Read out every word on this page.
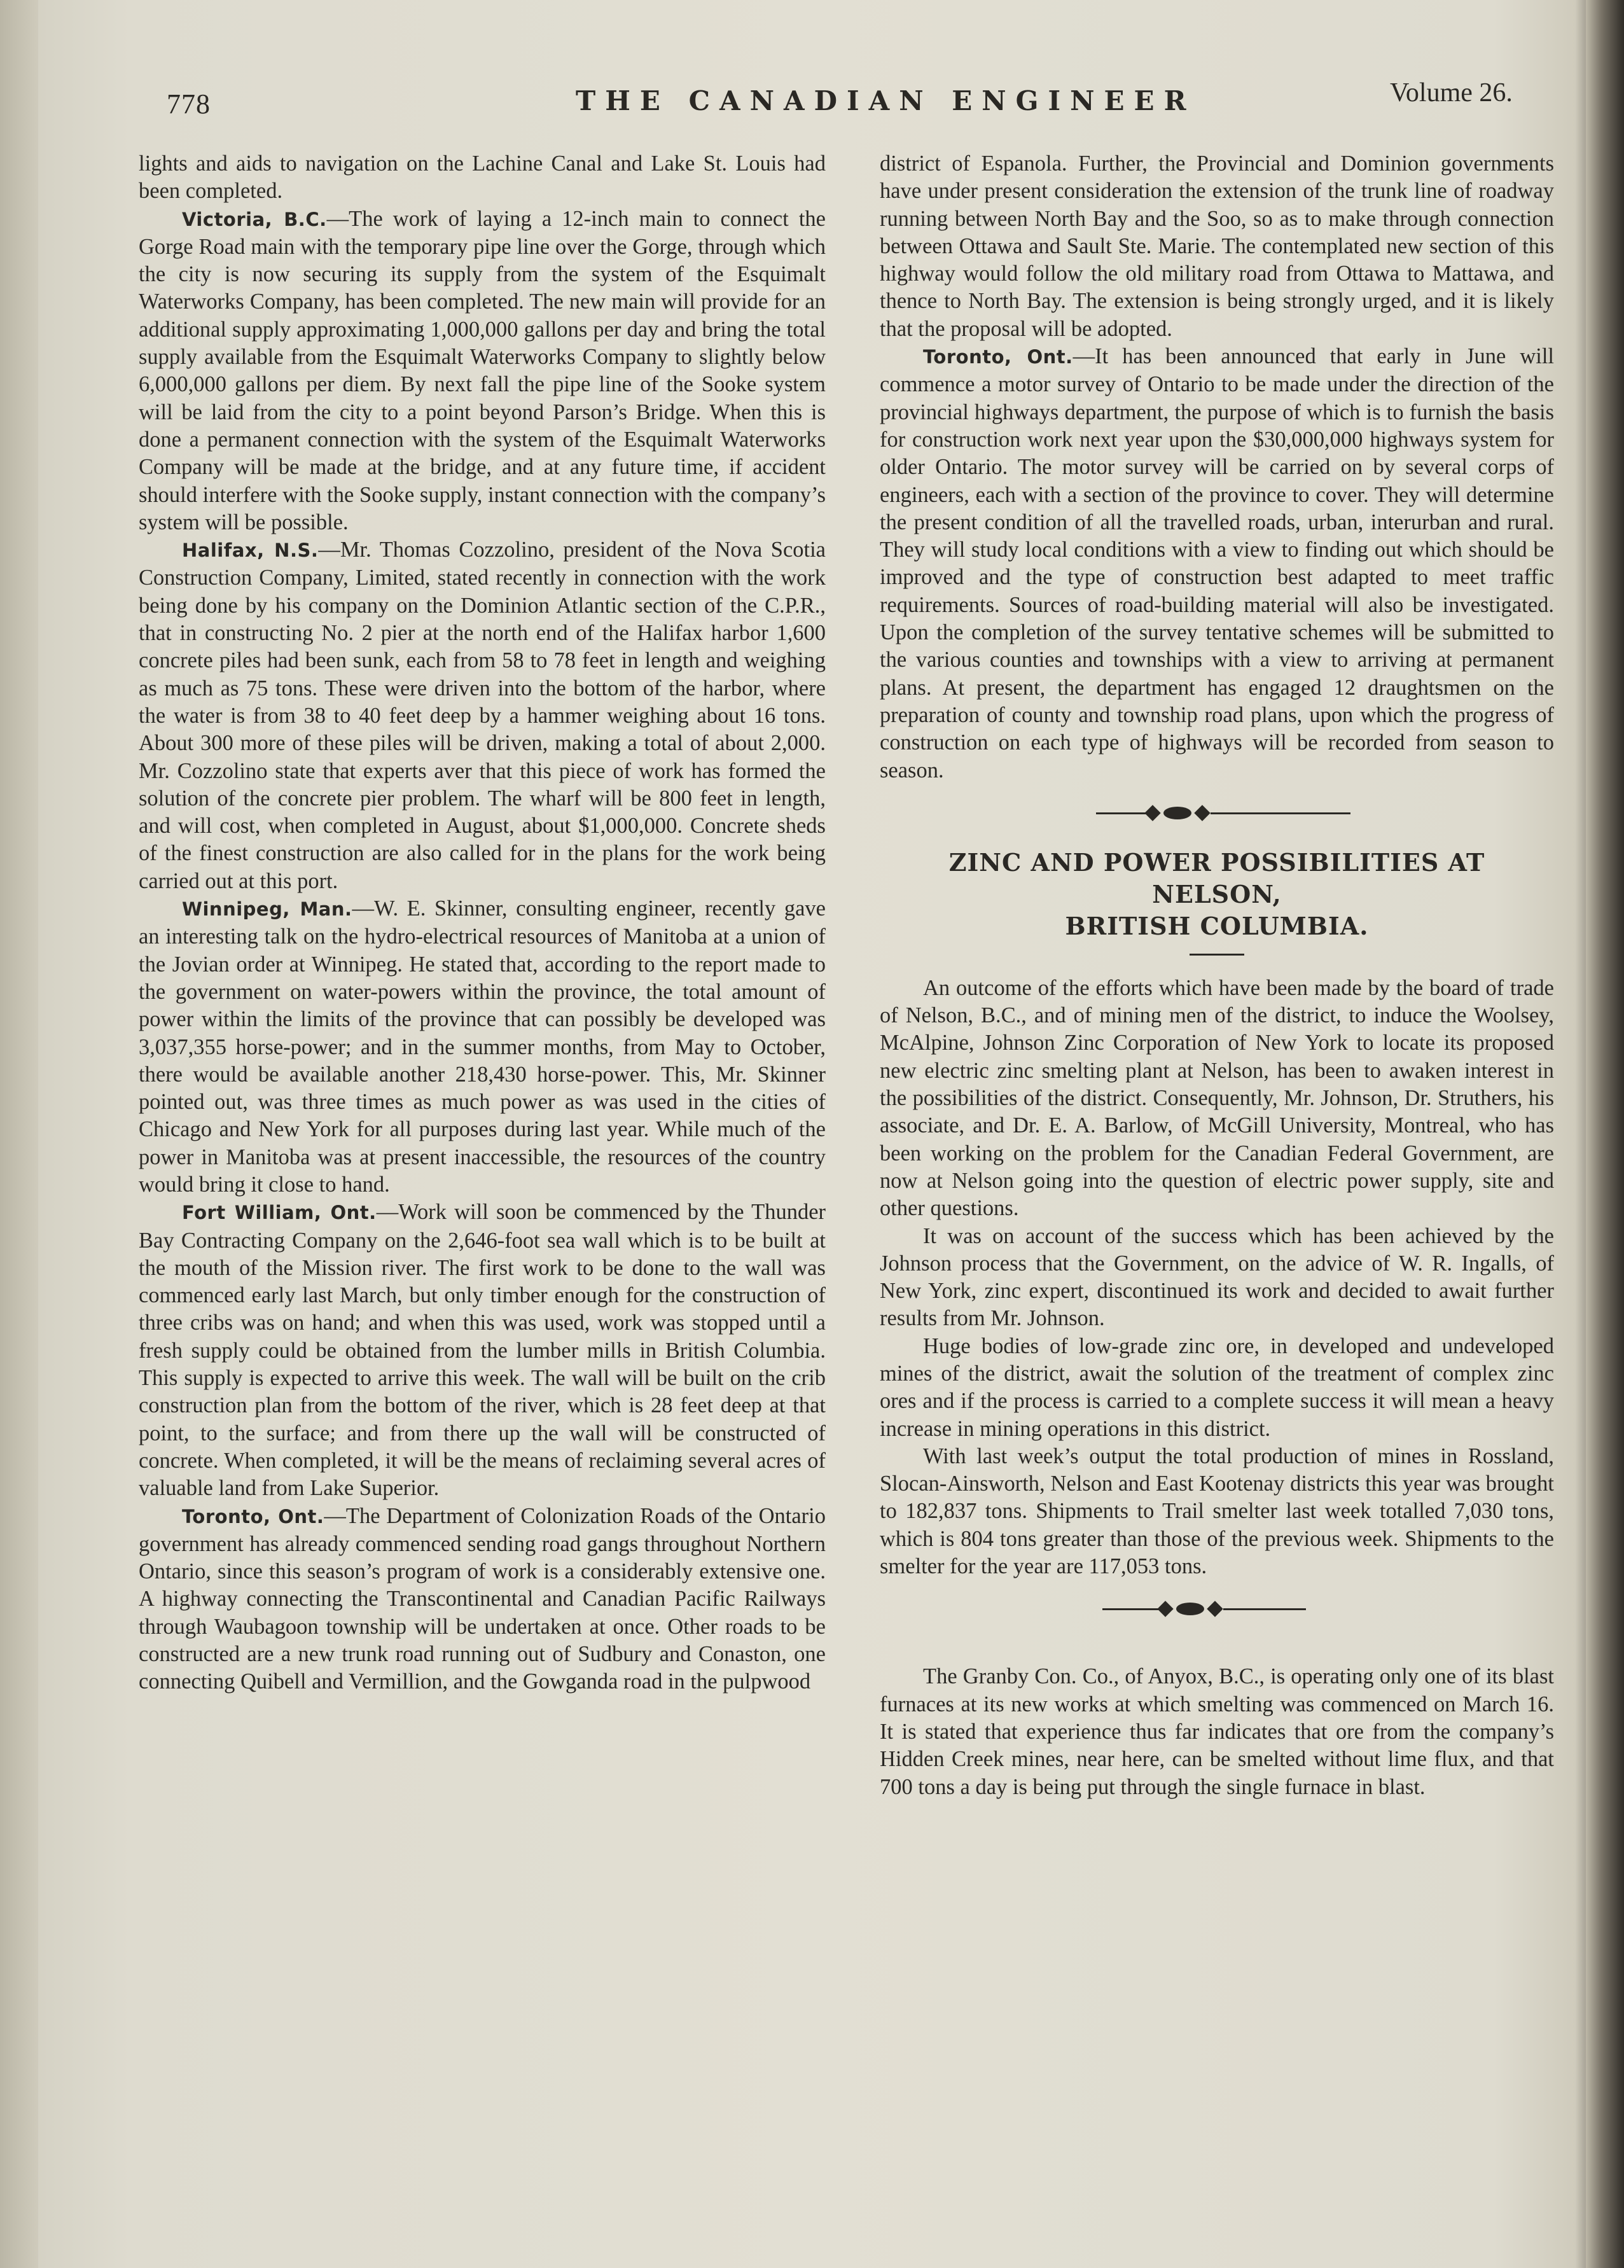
778	THE CANADIAN ENGINEER	Volume 26.

lights and aids to navigation on the Lachine Canal and Lake St. Louis had been completed.

Victoria, B.C.—The work of laying a 12-inch main to connect the Gorge Road main with the temporary pipe line over the Gorge, through which the city is now securing its supply from the system of the Esquimalt Waterworks Company, has been completed. The new main will provide for an additional supply approximating 1,000,000 gallons per day and bring the total supply available from the Esquimalt Waterworks Company to slightly below 6,000,000 gallons per diem. By next fall the pipe line of the Sooke system will be laid from the city to a point beyond Parson’s Bridge. When this is done a permanent connection with the system of the Esquimalt Waterworks Company will be made at the bridge, and at any future time, if accident should interfere with the Sooke supply, instant connection with the company’s system will be possible.

Halifax, N.S.—Mr. Thomas Cozzolino, president of the Nova Scotia Construction Company, Limited, stated recently in connection with the work being done by his company on the Dominion Atlantic section of the C.P.R., that in constructing No. 2 pier at the north end of the Halifax harbor 1,600 concrete piles had been sunk, each from 58 to 78 feet in length and weighing as much as 75 tons. These were driven into the bottom of the harbor, where the water is from 38 to 40 feet deep by a hammer weighing about 16 tons. About 300 more of these piles will be driven, making a total of about 2,000. Mr. Cozzolino state that experts aver that this piece of work has formed the solution of the concrete pier problem. The wharf will be 800 feet in length, and will cost, when completed in August, about $1,000,000. Concrete sheds of the finest construction are also called for in the plans for the work being carried out at this port.

Winnipeg, Man.—W. E. Skinner, consulting engineer, recently gave an interesting talk on the hydro-electrical resources of Manitoba at a union of the Jovian order at Winnipeg. He stated that, according to the report made to the government on water-powers within the province, the total amount of power within the limits of the province that can possibly be developed was 3,037,355 horse-power; and in the summer months, from May to October, there would be available another 218,430 horse-power. This, Mr. Skinner pointed out, was three times as much power as was used in the cities of Chicago and New York for all purposes during last year. While much of the power in Manitoba was at present inaccessible, the resources of the country would bring it close to hand.

Fort William, Ont.—Work will soon be commenced by the Thunder Bay Contracting Company on the 2,646-foot sea wall which is to be built at the mouth of the Mission river. The first work to be done to the wall was commenced early last March, but only timber enough for the construction of three cribs was on hand; and when this was used, work was stopped until a fresh supply could be obtained from the lumber mills in British Columbia. This supply is expected to arrive this week. The wall will be built on the crib construction plan from the bottom of the river, which is 28 feet deep at that point, to the surface; and from there up the wall will be constructed of concrete. When completed, it will be the means of reclaiming several acres of valuable land from Lake Superior.

Toronto, Ont.—The Department of Colonization Roads of the Ontario government has already commenced sending road gangs throughout Northern Ontario, since this season’s program of work is a considerably extensive one. A highway connecting the Transcontinental and Canadian Pacific Railways through Waubagoon township will be undertaken at once. Other roads to be constructed are a new trunk road running out of Sudbury and Conaston, one connecting Quibell and Vermillion, and the Gowganda road in the pulpwood

district of Espanola. Further, the Provincial and Dominion governments have under present consideration the extension of the trunk line of roadway running between North Bay and the Soo, so as to make through connection between Ottawa and Sault Ste. Marie. The contemplated new section of this highway would follow the old military road from Ottawa to Mattawa, and thence to North Bay. The extension is being strongly urged, and it is likely that the proposal will be adopted.

Toronto, Ont.—It has been announced that early in June will commence a motor survey of Ontario to be made under the direction of the provincial highways department, the purpose of which is to furnish the basis for construction work next year upon the $30,000,000 highways system for older Ontario. The motor survey will be carried on by several corps of engineers, each with a section of the province to cover. They will determine the present condition of all the travelled roads, urban, interurban and rural. They will study local conditions with a view to finding out which should be improved and the type of construction best adapted to meet traffic requirements. Sources of road-building material will also be investigated. Upon the completion of the survey tentative schemes will be submitted to the various counties and townships with a view to arriving at permanent plans. At present, the department has engaged 12 draughtsmen on the preparation of county and township road plans, upon which the progress of construction on each type of highways will be recorded from season to season.

ZINC AND POWER POSSIBILITIES AT NELSON,
BRITISH COLUMBIA.

An outcome of the efforts which have been made by the board of trade of Nelson, B.C., and of mining men of the district, to induce the Woolsey, McAlpine, Johnson Zinc Corporation of New York to locate its proposed new electric zinc smelting plant at Nelson, has been to awaken interest in the possibilities of the district. Consequently, Mr. Johnson, Dr. Struthers, his associate, and Dr. E. A. Barlow, of McGill University, Montreal, who has been working on the problem for the Canadian Federal Government, are now at Nelson going into the question of electric power supply, site and other questions.

It was on account of the success which has been achieved by the Johnson process that the Government, on the advice of W. R. Ingalls, of New York, zinc expert, discontinued its work and decided to await further results from Mr. Johnson.

Huge bodies of low-grade zinc ore, in developed and undeveloped mines of the district, await the solution of the treatment of complex zinc ores and if the process is carried to a complete success it will mean a heavy increase in mining operations in this district.

With last week’s output the total production of mines in Rossland, Slocan-Ainsworth, Nelson and East Kootenay districts this year was brought to 182,837 tons. Shipments to Trail smelter last week totalled 7,030 tons, which is 804 tons greater than those of the previous week. Shipments to the smelter for the year are 117,053 tons.

The Granby Con. Co., of Anyox, B.C., is operating only one of its blast furnaces at its new works at which smelting was commenced on March 16. It is stated that experience thus far indicates that ore from the company’s Hidden Creek mines, near here, can be smelted without lime flux, and that 700 tons a day is being put through the single furnace in blast.
